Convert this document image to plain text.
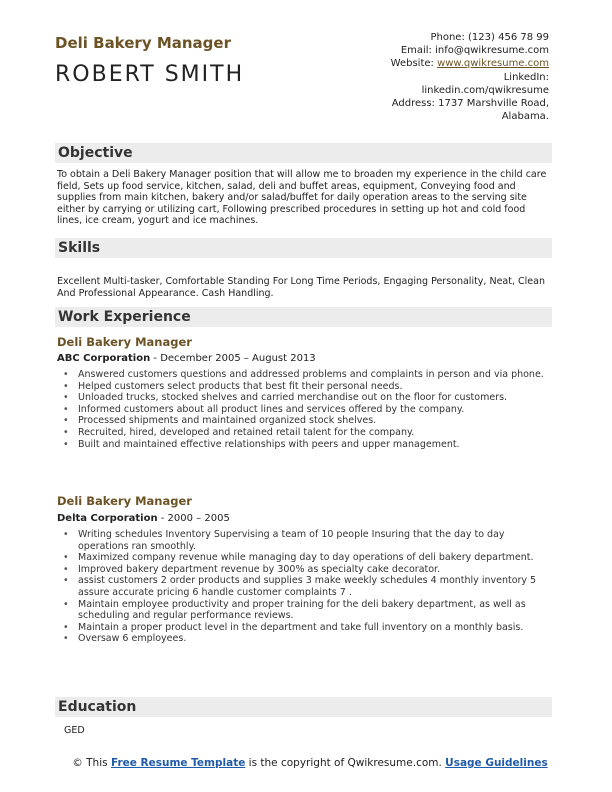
Deli Bakery Manager
ROBERT SMITH
Phone: (123) 456 78 99
Email: info@qwikresume.com
Website: www.qwikresume.com
LinkedIn:
linkedin.com/qwikresume
Address: 1737 Marshville Road,
Alabama.
Objective
To obtain a Deli Bakery Manager position that will allow me to broaden my experience in the child care field, Sets up food service, kitchen, salad, deli and buffet areas, equipment, Conveying food and supplies from main kitchen, bakery and/or salad/buffet for daily operation areas to the serving site either by carrying or utilizing cart, Following prescribed procedures in setting up hot and cold food lines, ice cream, yogurt and ice machines.
Skills
Excellent Multi-tasker, Comfortable Standing For Long Time Periods, Engaging Personality, Neat, Clean And Professional Appearance. Cash Handling.
Work Experience
Deli Bakery Manager
ABC Corporation - December 2005 – August 2013
• Answered customers questions and addressed problems and complaints in person and via phone.
• Helped customers select products that best fit their personal needs.
• Unloaded trucks, stocked shelves and carried merchandise out on the floor for customers.
• Informed customers about all product lines and services offered by the company.
• Processed shipments and maintained organized stock shelves.
• Recruited, hired, developed and retained retail talent for the company.
• Built and maintained effective relationships with peers and upper management.
Deli Bakery Manager
Delta Corporation - 2000 – 2005
• Writing schedules Inventory Supervising a team of 10 people Insuring that the day to day operations ran smoothly.
• Maximized company revenue while managing day to day operations of deli bakery department.
• Improved bakery department revenue by 300% as specialty cake decorator.
• assist customers 2 order products and supplies 3 make weekly schedules 4 monthly inventory 5 assure accurate pricing 6 handle customer complaints 7 .
• Maintain employee productivity and proper training for the deli bakery department, as well as scheduling and regular performance reviews.
• Maintain a proper product level in the department and take full inventory on a monthly basis.
• Oversaw 6 employees.
Education
GED
© This Free Resume Template is the copyright of Qwikresume.com. Usage Guidelines
